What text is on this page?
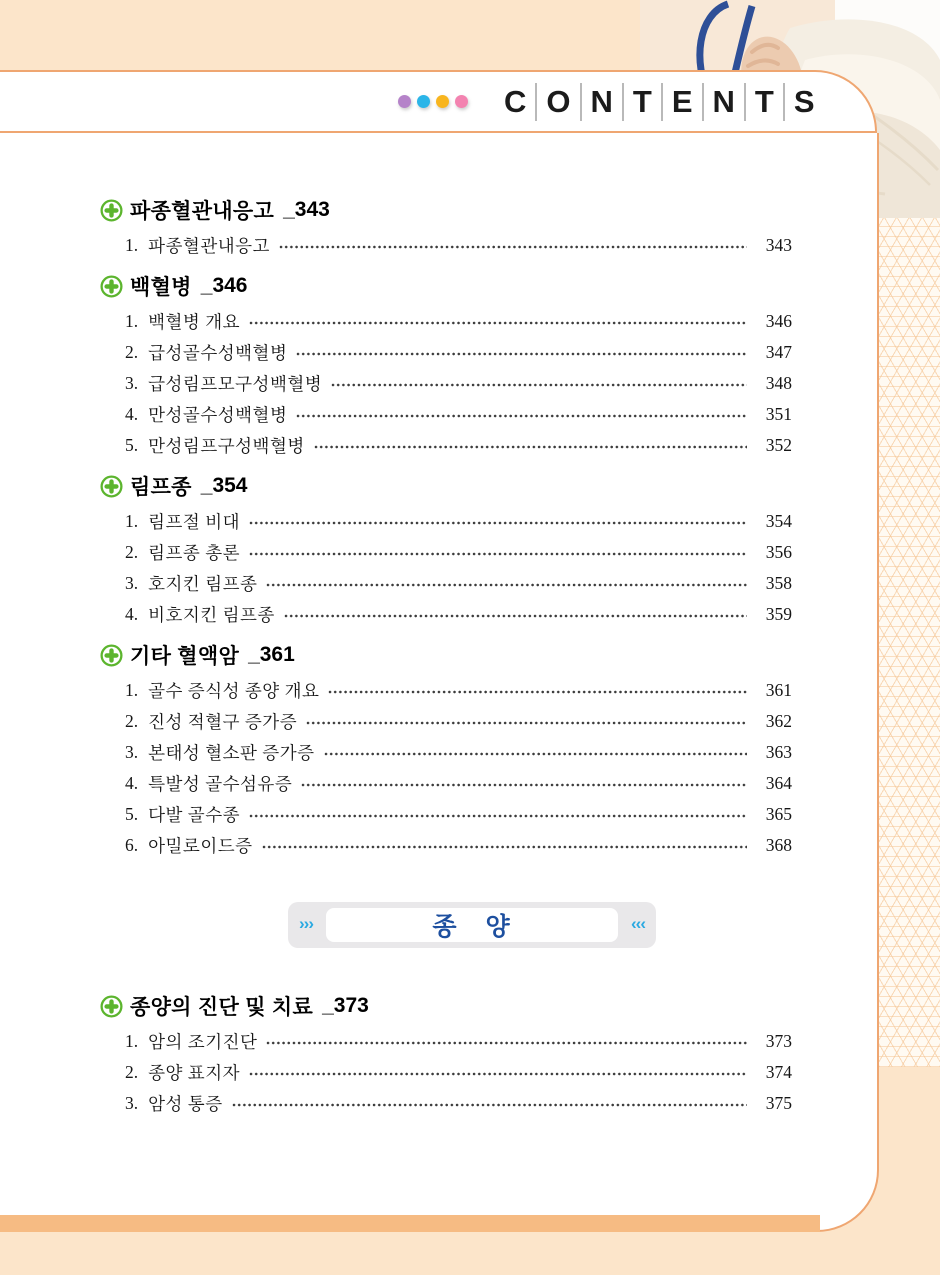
파종혈관내응고 _343
1. 파종혈관내응고	343
백혈병 _346
1. 백혈병 개요	346
2. 급성골수성백혈병	347
3. 급성림프모구성백혈병	348
4. 만성골수성백혈병	351
5. 만성림프구성백혈병	352
림프종 _354
1. 림프절 비대	354
2. 림프종 총론	356
3. 호지킨 림프종	358
4. 비호지킨 림프종	359
기타 혈액암 _361
1. 골수 증식성 종양 개요	361
2. 진성 적혈구 증가증	362
3. 본태성 혈소판 증가증	363
4. 특발성 골수섬유증	364
5. 다발 골수종	365
6. 아밀로이드증	368
›››	종 양	‹‹‹
종양의 진단 및 치료 _373
1. 암의 조기진단	373
2. 종양 표지자	374
3. 암성 통증	375
C O N T E N T S
